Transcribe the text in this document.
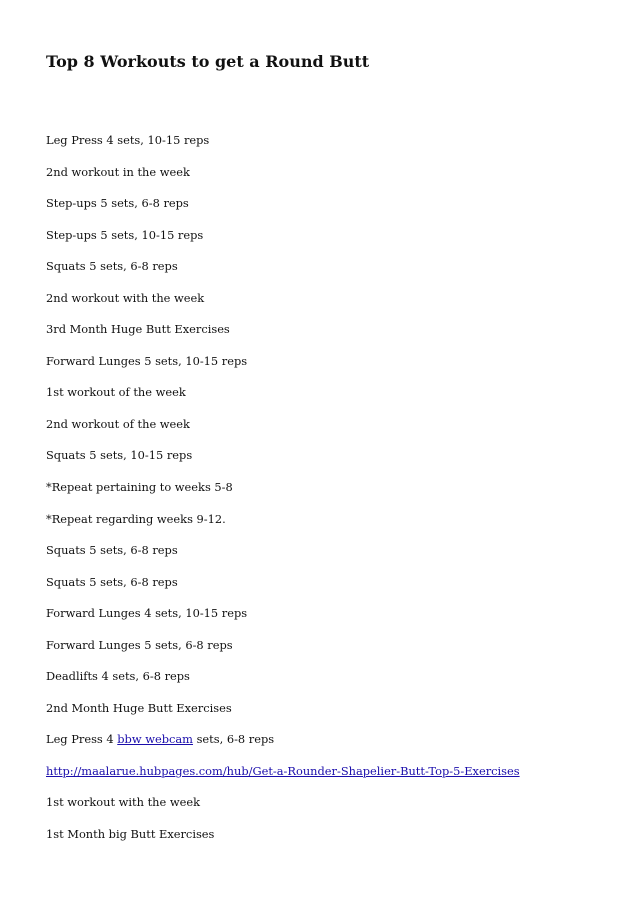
Top 8 Workouts to get a Round Butt
Leg Press 4 sets, 10-15 reps
2nd workout in the week
Step-ups 5 sets, 6-8 reps
Step-ups 5 sets, 10-15 reps
Squats 5 sets, 6-8 reps
2nd workout with the week
3rd Month Huge Butt Exercises
Forward Lunges 5 sets, 10-15 reps
1st workout of the week
2nd workout of the week
Squats 5 sets, 10-15 reps
*Repeat pertaining to weeks 5-8
*Repeat regarding weeks 9-12.
Squats 5 sets, 6-8 reps
Squats 5 sets, 6-8 reps
Forward Lunges 4 sets, 10-15 reps
Forward Lunges 5 sets, 6-8 reps
Deadlifts 4 sets, 6-8 reps
2nd Month Huge Butt Exercises
Leg Press 4 bbw webcam sets, 6-8 reps
http://maalarue.hubpages.com/hub/Get-a-Rounder-Shapelier-Butt-Top-5-Exercises
1st workout with the week
1st Month big Butt Exercises
